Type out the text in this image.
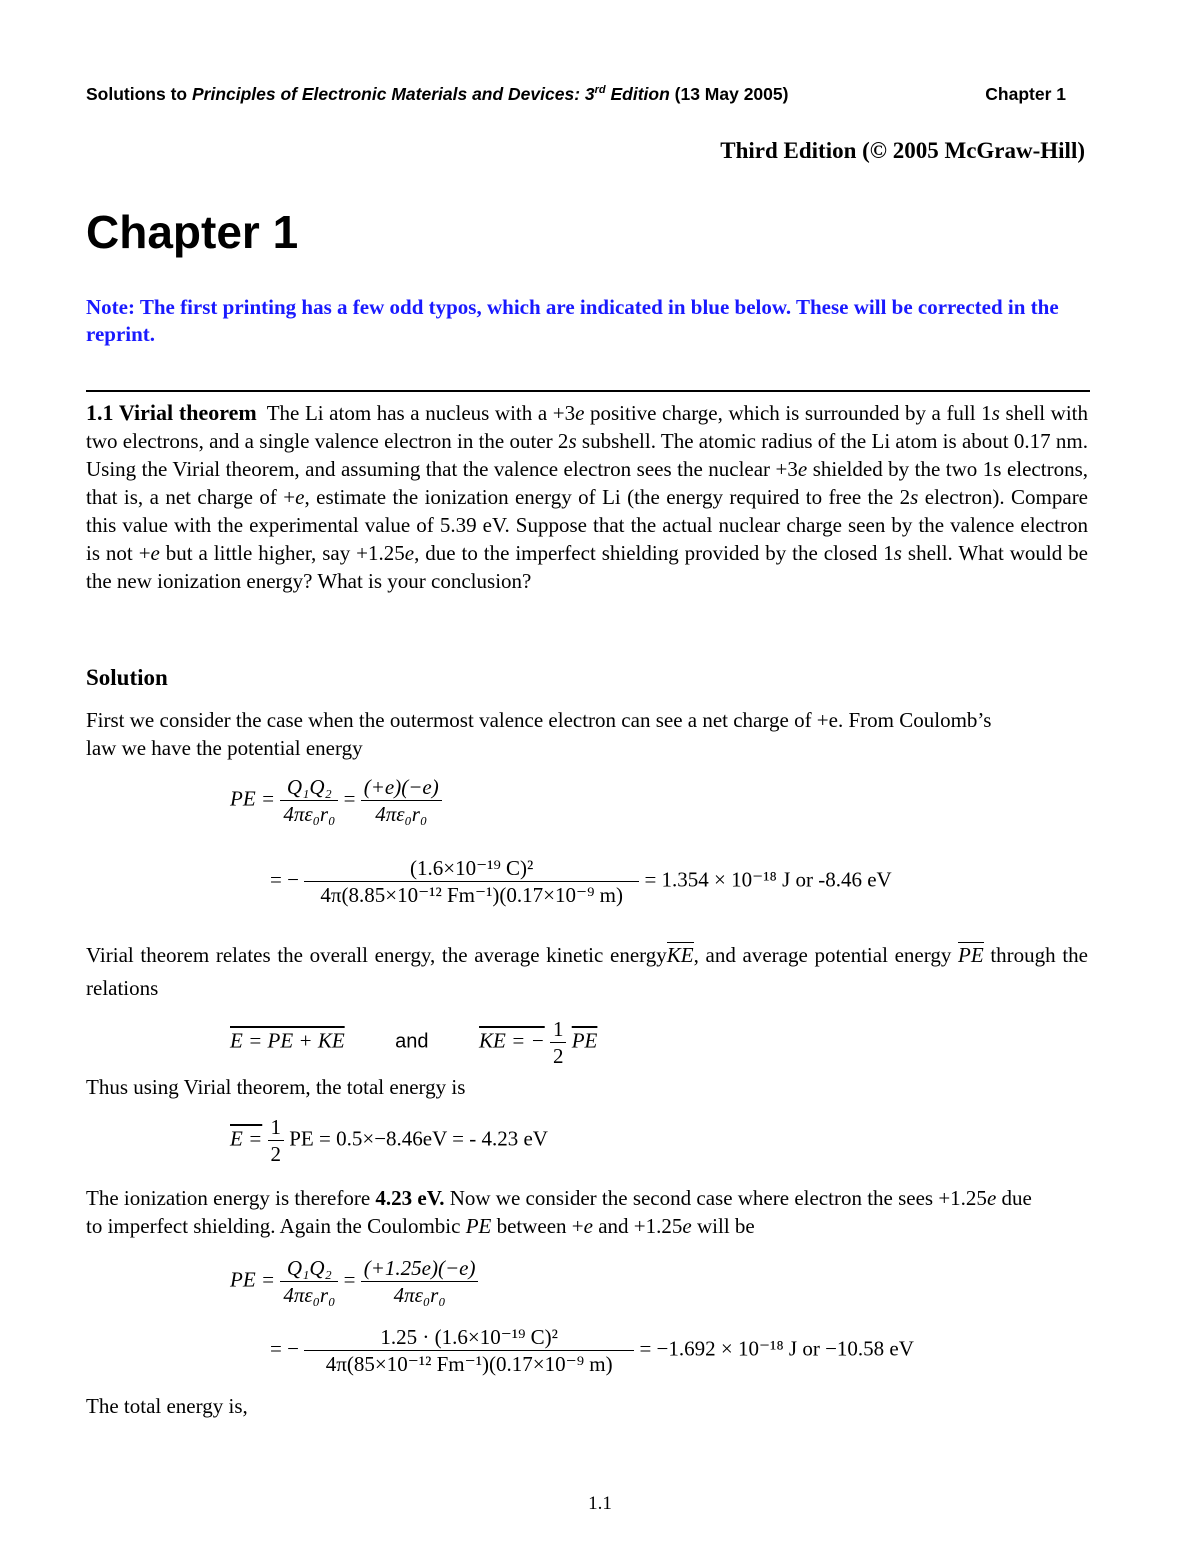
Solutions to Principles of Electronic Materials and Devices: 3rd Edition (13 May 2005)	Chapter 1
Third Edition (© 2005 McGraw-Hill)
Chapter 1
Note: The first printing has a few odd typos, which are indicated in blue below. These will be corrected in the reprint.
1.1 Virial theorem The Li atom has a nucleus with a +3e positive charge, which is surrounded by a full 1s shell with two electrons, and a single valence electron in the outer 2s subshell. The atomic radius of the Li atom is about 0.17 nm. Using the Virial theorem, and assuming that the valence electron sees the nuclear +3e shielded by the two 1s electrons, that is, a net charge of +e, estimate the ionization energy of Li (the energy required to free the 2s electron). Compare this value with the experimental value of 5.39 eV. Suppose that the actual nuclear charge seen by the valence electron is not +e but a little higher, say +1.25e, due to the imperfect shielding provided by the closed 1s shell. What would be the new ionization energy? What is your conclusion?
Solution
First we consider the case when the outermost valence electron can see a net charge of +e. From Coulomb’s law we have the potential energy
PE = $\frac{\text{Q₁Q₂}}{\text{4πε₀r₀}} = \frac{(+e)(-e)}{\text{4πε₀r₀}}$
= − $\frac{\text{(1.6×10⁻¹⁹ C)²}}{\text{4π(8.85×10⁻¹² Fm⁻¹)(0.17×10⁻⁹ m)}} = 1.354 \times 10^{-18}$ J or -8.46 eV
Virial theorem relates the overall energy, the average kinetic energyKE, and average potential energy PE through the relations
E = PE + KE	and KE = − $\frac{1}{2} \overline{PE}$
Thus using Virial theorem, the total energy is
$E = \frac{1}{2}$ PE = 0.5×−8.46eV = - 4.23 eV
The ionization energy is therefore 4.23 eV. Now we consider the second case where electron the sees +1.25e due to imperfect shielding. Again the Coulombic PE between +e and +1.25e will be
PE = $\frac{\text{Q₁Q₂}}{\text{4πε₀r₀}} = \frac{(+1.25e)(-e)}{\text{4πε₀r₀}}$
= − $\frac{\text{1.25 · (1.6×10⁻¹⁹ C)²}}{\text{4π(85×10⁻¹² Fm⁻¹)(0.17×10⁻⁹ m)}} = -1.692 \times 10^{-18}$ J or −10.58 eV
The total energy is,
1.1
